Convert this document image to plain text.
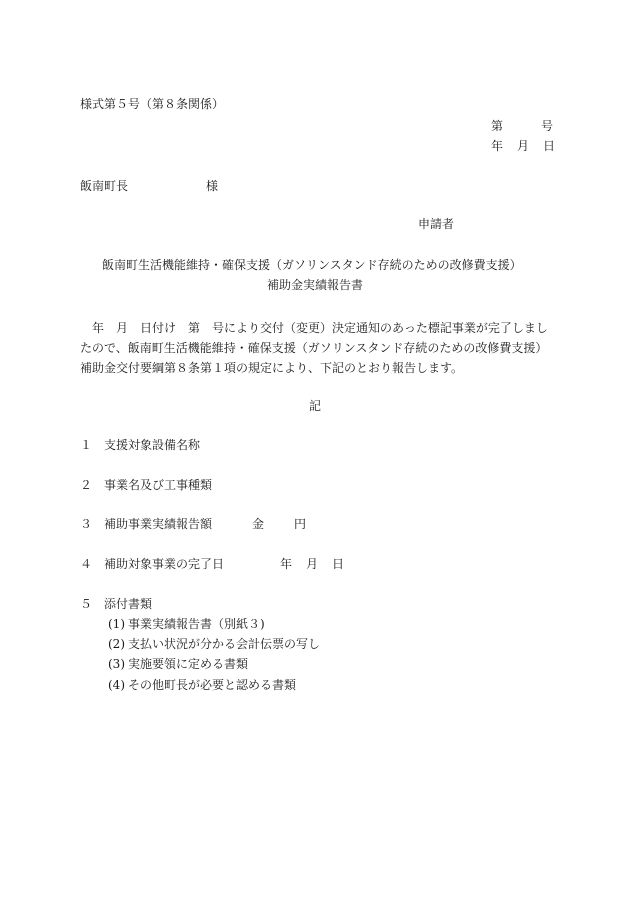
様式第５号（第８条関係）
第	号
年 月 日
飯南町長	様
申請者
飯南町生活機能維持・確保支援（ガソリンスタンド存続のための改修費支援）
補助金実績報告書
　年　月　日付け　第　号により交付（変更）決定通知のあった標記事業が完了しまし
たので、飯南町生活機能維持・確保支援（ガソリンスタンド存続のための改修費支援）
補助金交付要綱第８条第１項の規定により、下記のとおり報告します。
記
１ 支援対象設備名称
２ 事業名及び工事種類
３ 補助事業実績報告額	金	円
４ 補助対象事業の完了日	年 月 日
５ 添付書類
(1) 事業実績報告書（別紙３)
(2) 支払い状況が分かる会計伝票の写し
(3) 実施要領に定める書類
(4) その他町長が必要と認める書類
